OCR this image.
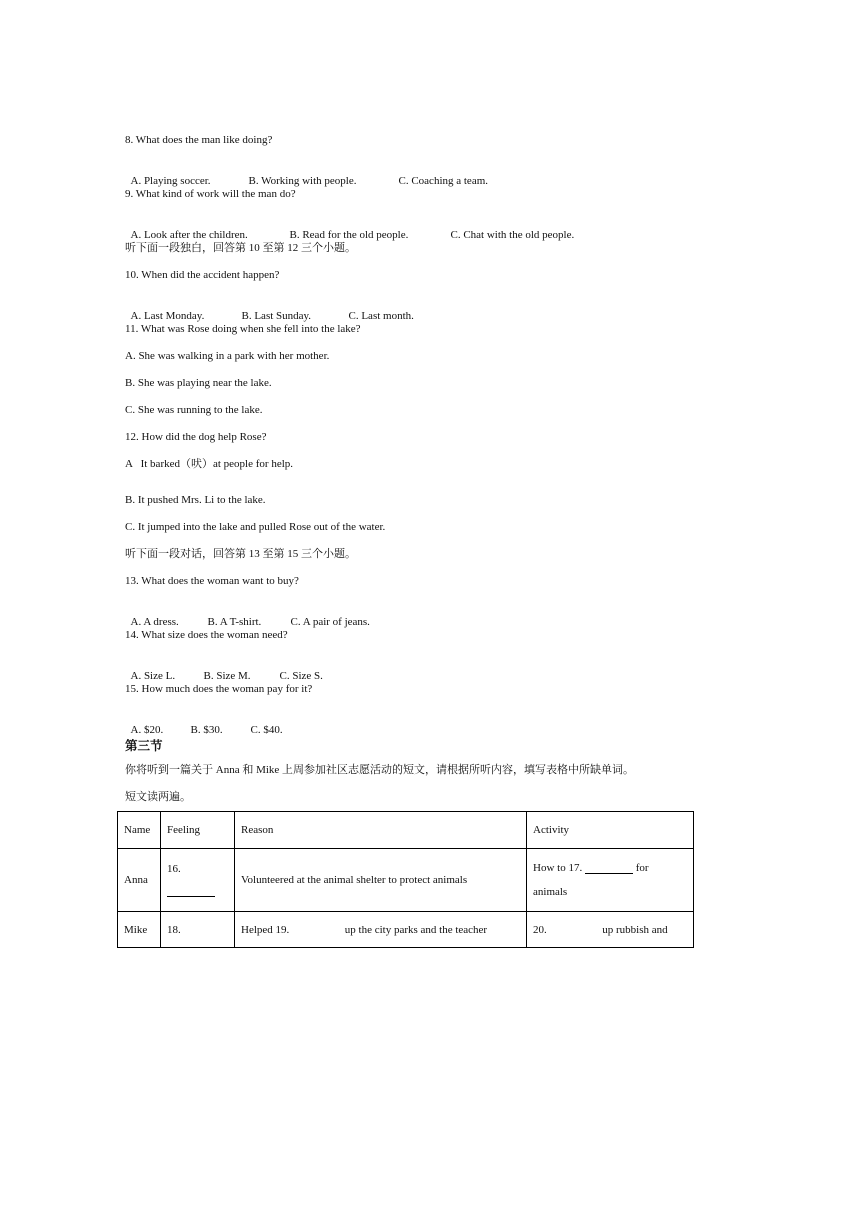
8. What does the man like doing?

A. Playing soccer.	B. Working with people.	C. Coaching a team.

9. What kind of work will the man do?

A. Look after the children.	B. Read for the old people.	C. Chat with the old people.

听下面一段独白，回答第 10 至第 12 三个小题。
10. When did the accident happen?

A. Last Monday.	B. Last Sunday.	C. Last month.

11. What was Rose doing when she fell into the lake?
A. She was walking in a park with her mother.
B. She was playing near the lake.
C. She was running to the lake.
12. How did the dog help Rose?
A   It barked（吠）at people for help.
B. It pushed Mrs. Li to the lake.
C. It jumped into the lake and pulled Rose out of the water.
听下面一段对话，回答第 13 至第 15 三个小题。
13. What does the woman want to buy?

A. A dress.	B. A T-shirt.	C. A pair of jeans.

14. What size does the woman need?

A. Size L.	B. Size M.	C. Size S.

15. How much does the woman pay for it?

A. $20. B. $30.	C. $40.

第三节
你将听到一篇关于 Anna 和 Mike 上周参加社区志愿活动的短文，请根据所听内容，填写表格中所缺单词。
短文读两遍。
Name	Feeling	Reason	Activity
Anna	16.	Volunteered at the animal shelter to protect animals	How to 17. for
animals

Mike	18.	Helped 19. up the city parks and the teacher	20. up rubbish and
